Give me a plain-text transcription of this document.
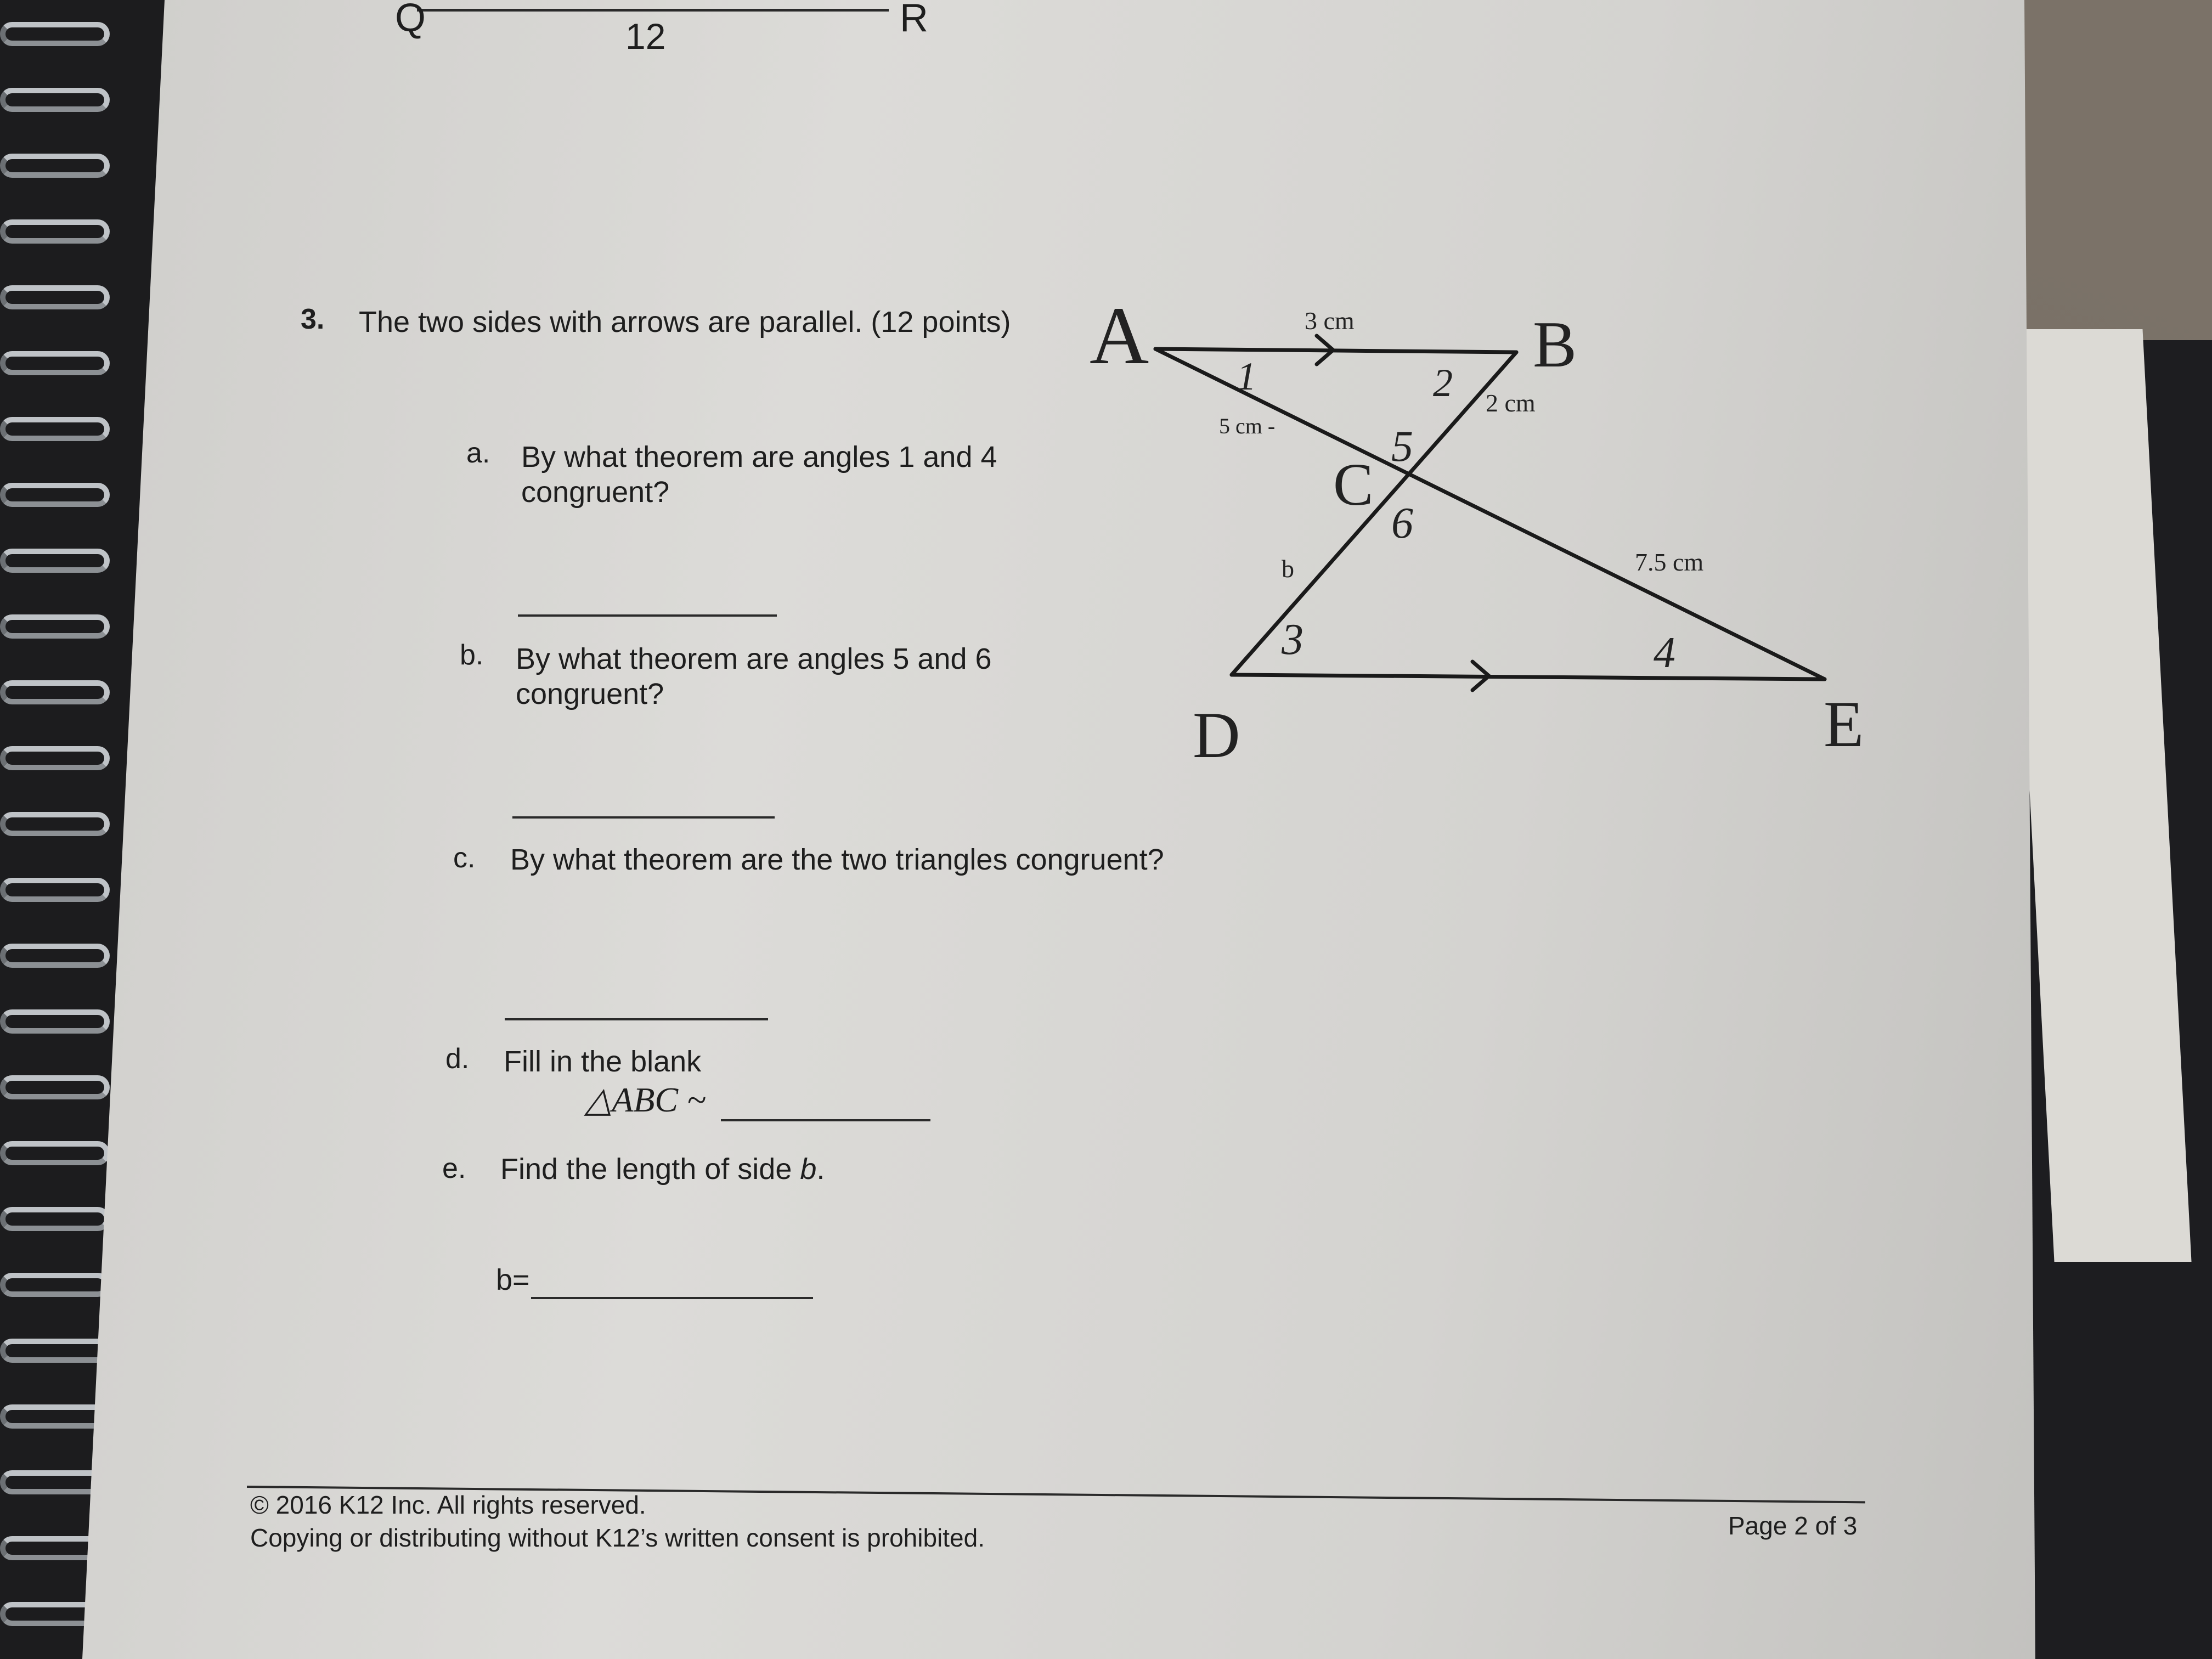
Q	R
12
3. The two sides with arrows are parallel. (12 points)
a. By what theorem are angles 1 and 4
congruent?
b. By what theorem are angles 5 and 6
congruent?
c. By what theorem are the two triangles congruent?
d. Fill in the blank
△ABC ~
e. Find the length of side b.
b=
A	B
C
D	E
3 cm
2 cm
5 cm -
b	7.5 cm
1	2
3	4
5
6
© 2016 K12 Inc. All rights reserved.
Copying or distributing without K12’s written consent is prohibited.	Page 2 of 3
